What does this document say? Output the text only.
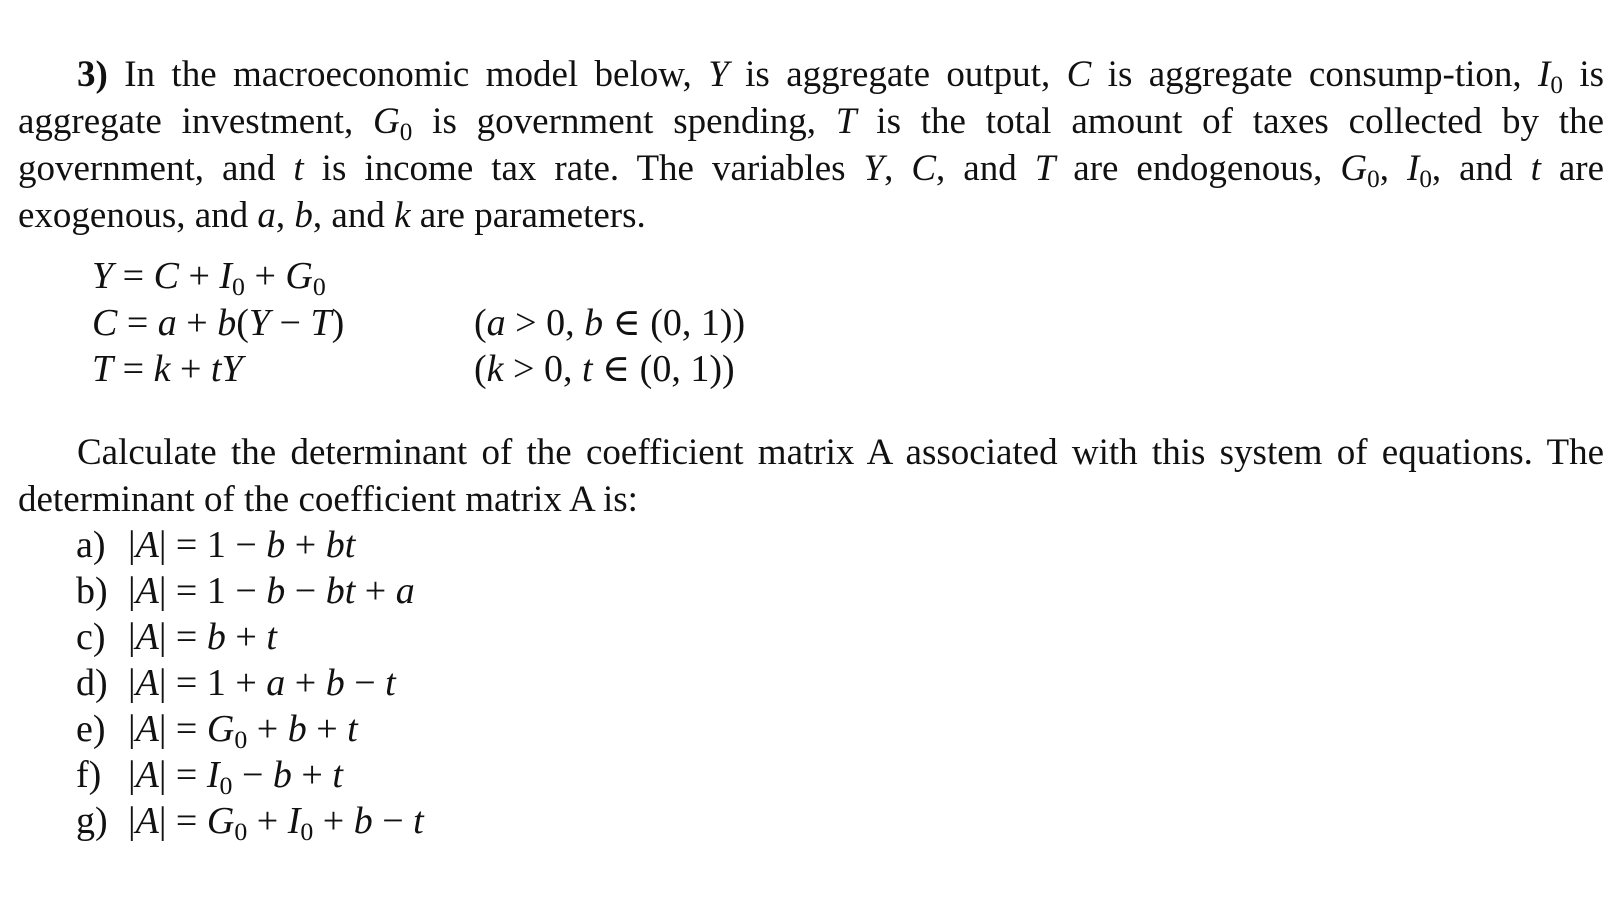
3) In the macroeconomic model below, Y is aggregate output, C is aggregate consump-tion, $I_0$ is aggregate investment, $G_0$ is government spending, T is the total amount of taxes collected by the government, and t is income tax rate. The variables Y, C, and T are endogenous, $G_0$, $I_0$, and t are exogenous, and a, b, and k are parameters.
$Y = C + I_0 + G_0$
C = a + b(Y − T)	(a > 0, b ∈ (0, 1))
T = k + tY	(k > 0, t ∈ (0, 1))
Calculate the determinant of the coefficient matrix A associated with this system of equations. The determinant of the coefficient matrix A is:
a) |A| = 1 − b + bt
b) |A| = 1 − b − bt + a
c) |A| = b + t
d) |A| = 1 + a + b − t
e) $|A| = G_0 + b + t$
f) $|A| = I_0 - b + t$
g) $|A| = G_0 + I_0 + b - t$
